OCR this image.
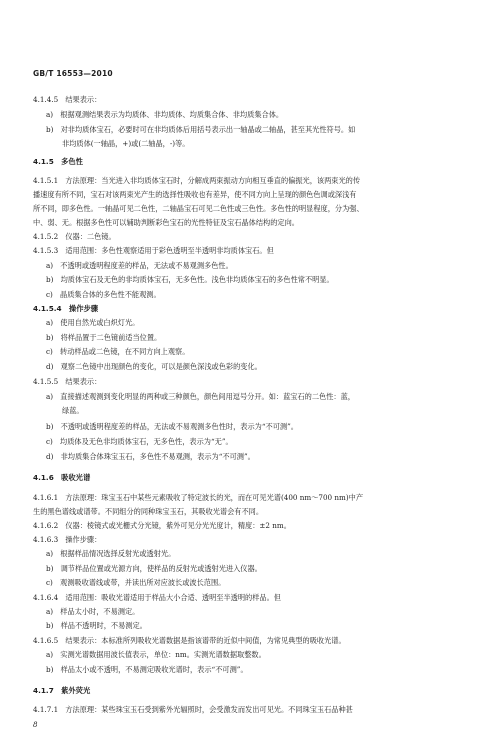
GB/T 16553—2010
4.1.4.5　结果表示：
a)　根据观测结果表示为均质体、非均质体、均质集合体、非均质集合体。
b)　对非均质体宝石，必要时可在非均质体后用括号表示出一轴晶或二轴晶，甚至其光性符号。如
非均质体(一轴晶，+)或(二轴晶，-)等。
4.1.5　多色性
4.1.5.1　方法原理：当光进入非均质体宝石时，分解成两束振动方向相互垂直的偏振光，该两束光的传
播速度有所不同，宝石对该两束光产生的选择性吸收也有差异，使不同方向上呈现的颜色色调或深浅有
所不同，即多色性。一轴晶可见二色性，二轴晶宝石可见二色性或三色性。多色性的明显程度，分为强、
中、弱、无。根据多色性可以辅助判断彩色宝石的光性特征及宝石晶体结构的定向。
4.1.5.2　仪器：二色镜。
4.1.5.3　适用范围：多色性观察适用于彩色透明至半透明非均质体宝石。但
a)　不透明或透明程度差的样品，无法或不易观测多色性。
b)　均质体宝石及无色的非均质体宝石，无多色性。浅色非均质体宝石的多色性常不明显。
c)　晶质集合体的多色性不能观测。
4.1.5.4　操作步骤
a)　使用自然光或白炽灯光。
b)　将样品置于二色镜前适当位置。
c)　转动样品或二色镜，在不同方向上观察。
d)　观察二色镜中出现颜色的变化，可以是颜色深浅或色彩的变化。
4.1.5.5　结果表示：
a)　直接描述观测到变化明显的两种或三种颜色，颜色间用逗号分开。如：蓝宝石的二色性：蓝，
绿蓝。
b)　不透明或透明程度差的样品，无法或不易观测多色性时，表示为“不可测”。
c)　均质体及无色非均质体宝石，无多色性，表示为“无”。
d)　非均质集合体珠宝玉石，多色性不易观测，表示为“不可测”。
4.1.6　吸收光谱
4.1.6.1　方法原理：珠宝玉石中某些元素吸收了特定波长的光，而在可见光谱(400 nm～700 nm)中产
生的黑色谱线或谱带。不同组分的同种珠宝玉石，其吸收光谱会有不同。
4.1.6.2　仪器：棱镜式或光栅式分光镜，紫外可见分光光度计，精度：±2 nm。
4.1.6.3　操作步骤：
a)　根据样品情况选择反射光或透射光。
b)　调节样品位置或光源方向，使样品的反射光或透射光进入仪器。
c)　观测吸收谱线或带，并读出所对应波长或波长范围。
4.1.6.4　适用范围：吸收光谱适用于样品大小合适、透明至半透明的样品。但
a)　样品太小时，不易测定。
b)　样品不透明时，不易测定。
4.1.6.5　结果表示：本标准所列吸收光谱数据是指该谱带的近似中间值，为常见典型的吸收光谱。
a)　实测光谱数据用波长值表示，单位：nm。实测光谱数据取整数。
b)　样品太小或不透明，不易测定吸收光谱时，表示“不可测”。
4.1.7　紫外荧光
4.1.7.1　方法原理：某些珠宝玉石受到紫外光辐照时，会受激发而发出可见光。不同珠宝玉石品种甚
8
